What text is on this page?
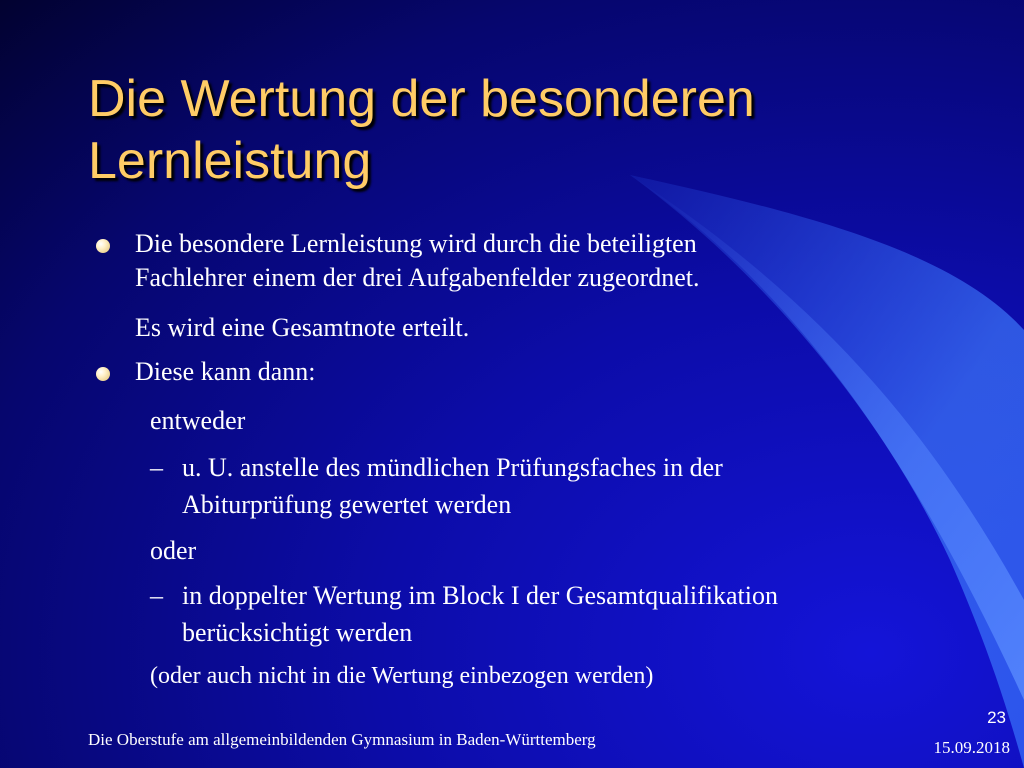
Die Wertung der besonderen Lernleistung
Die besondere Lernleistung wird durch die beteiligten
Fachlehrer einem der drei Aufgabenfelder zugeordnet.
Es wird eine Gesamtnote erteilt.
Diese kann dann:
entweder
– u. U. anstelle des mündlichen Prüfungsfaches in der
Abiturprüfung gewertet werden
oder
– in doppelter Wertung im Block I der Gesamtqualifikation
berücksichtigt werden
(oder auch nicht in die Wertung einbezogen werden)
Die Oberstufe am allgemeinbildenden Gymnasium in Baden-Württemberg
23
15.09.2018
